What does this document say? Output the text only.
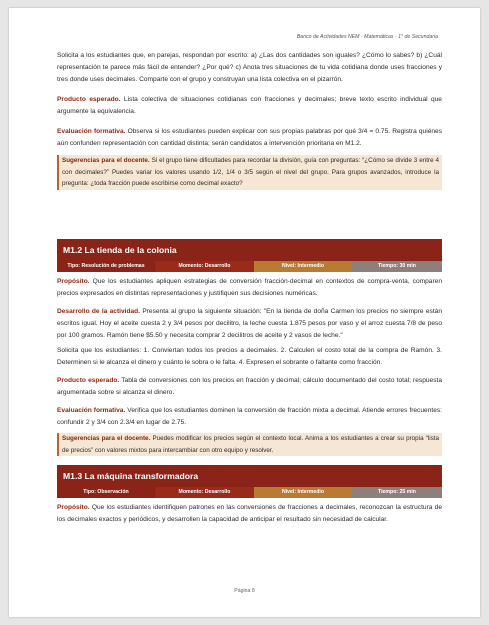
Banco de Actividades NEM · Matemáticas · 1° de Secundaria

Solicita a los estudiantes que, en parejas, respondan por escrito: a) ¿Las dos cantidades son iguales? ¿Cómo lo sabes? b) ¿Cuál representación te parece más fácil de entender? ¿Por qué? c) Anota tres situaciones de tu vida cotidiana donde uses fracciones y tres donde uses decimales. Comparte con el grupo y construyan una lista colectiva en el pizarrón.

Producto esperado. Lista colectiva de situaciones cotidianas con fracciones y decimales; breve texto escrito individual que argumente la equivalencia.

Evaluación formativa. Observa si los estudiantes pueden explicar con sus propias palabras por qué 3/4 = 0.75. Registra quiénes aún confunden representación con cantidad distinta; serán candidatos a intervención prioritaria en M1.2.

Sugerencias para el docente. Si el grupo tiene dificultades para recordar la división, guía con preguntas: “¿Cómo se divide 3 entre 4 con decimales?” Puedes variar los valores usando 1/2, 1/4 o 3/5 según el nivel del grupo. Para grupos avanzados, introduce la pregunta: ¿toda fracción puede escribirse como decimal exacto?

M1.2 La tienda de la colonia
Tipo: Resolución de problemas	Momento: Desarrollo	Nivel: Intermedio	Tiempo: 30 min

Propósito. Que los estudiantes apliquen estrategias de conversión fracción-decimal en contextos de compra-venta, comparen precios expresados en distintas representaciones y justifiquen sus decisiones numéricas.

Desarrollo de la actividad. Presenta al grupo la siguiente situación: "En la tienda de doña Carmen los precios no siempre están escritos igual. Hoy el aceite cuesta 2 y 3/4 pesos por decilitro, la leche cuesta 1.875 pesos por vaso y el arroz cuesta 7/8 de peso por 100 gramos. Ramón tiene $5.50 y necesita comprar 2 decilitros de aceite y 2 vasos de leche."

Solicita que los estudiantes: 1. Conviertan todos los precios a decimales. 2. Calculen el costo total de la compra de Ramón. 3. Determinen si le alcanza el dinero y cuánto le sobra o le falta. 4. Expresen el sobrante o faltante como fracción.

Producto esperado. Tabla de conversiones con los precios en fracción y decimal; cálculo documentado del costo total; respuesta argumentada sobre si alcanza el dinero.

Evaluación formativa. Verifica que los estudiantes dominen la conversión de fracción mixta a decimal. Atiende errores frecuentes: confundir 2 y 3/4 con 2.3/4 en lugar de 2.75.

Sugerencias para el docente. Puedes modificar los precios según el contexto local. Anima a los estudiantes a crear su propia “lista de precios” con valores mixtos para intercambiar con otro equipo y resolver.

M1.3 La máquina transformadora
Tipo: Observación	Momento: Desarrollo	Nivel: Intermedio	Tiempo: 25 min

Propósito. Que los estudiantes identifiquen patrones en las conversiones de fracciones a decimales, reconozcan la estructura de los decimales exactos y periódicos, y desarrollen la capacidad de anticipar el resultado sin necesidad de calcular.

Página 8
